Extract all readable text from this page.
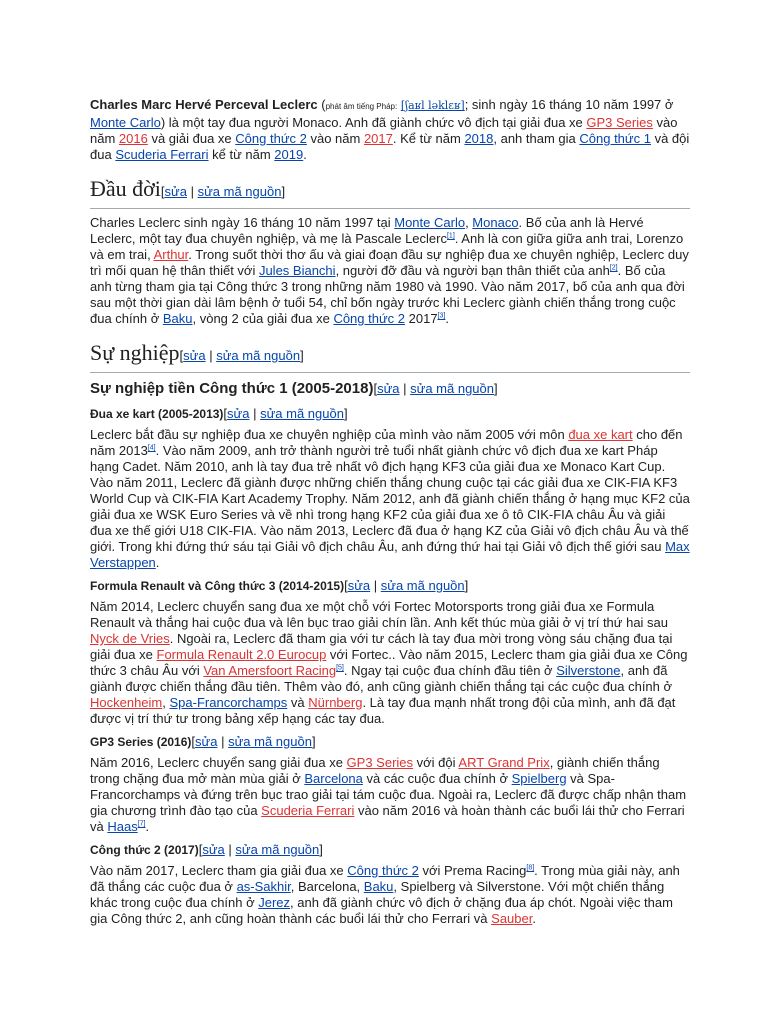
Charles Marc Hervé Perceval Leclerc (phát âm tiếng Pháp: [ʃaʁl ləklɛʁ]; sinh ngày 16 tháng 10 năm 1997 ở Monte Carlo) là một tay đua người Monaco. Anh đã giành chức vô địch tại giải đua xe GP3 Series vào năm 2016 và giải đua xe Công thức 2 vào năm 2017. Kể từ năm 2018, anh tham gia Công thức 1 và đội đua Scuderia Ferrari kể từ năm 2019.

Đầu đời[sửa | sửa mã nguồn]

Charles Leclerc sinh ngày 16 tháng 10 năm 1997 tại Monte Carlo, Monaco. Bố của anh là Hervé Leclerc, một tay đua chuyên nghiệp, và mẹ là Pascale Leclerc[1]. Anh là con giữa giữa anh trai, Lorenzo và em trai, Arthur. Trong suốt thời thơ ấu và giai đoạn đầu sự nghiệp đua xe chuyên nghiệp, Leclerc duy trì mối quan hệ thân thiết với Jules Bianchi, người đỡ đầu và người bạn thân thiết của anh[2]. Bố của anh từng tham gia tại Công thức 3 trong những năm 1980 và 1990. Vào năm 2017, bố của anh qua đời sau một thời gian dài lâm bệnh ở tuổi 54, chỉ bốn ngày trước khi Leclerc giành chiến thắng trong cuộc đua chính ở Baku, vòng 2 của giải đua xe Công thức 2 2017[3].

Sự nghiệp[sửa | sửa mã nguồn]
Sự nghiệp tiền Công thức 1 (2005-2018)[sửa | sửa mã nguồn]
Đua xe kart (2005-2013)[sửa | sửa mã nguồn]

Leclerc bắt đầu sự nghiệp đua xe chuyên nghiệp của mình vào năm 2005 với môn đua xe kart cho đến năm 2013[4]. Vào năm 2009, anh trở thành người trẻ tuổi nhất giành chức vô địch đua xe kart Pháp hạng Cadet. Năm 2010, anh là tay đua trẻ nhất vô địch hạng KF3 của giải đua xe Monaco Kart Cup. Vào năm 2011, Leclerc đã giành được những chiến thắng chung cuộc tại các giải đua xe CIK-FIA KF3 World Cup và CIK-FIA Kart Academy Trophy. Năm 2012, anh đã giành chiến thắng ở hạng mục KF2 của giải đua xe WSK Euro Series và về nhì trong hạng KF2 của giải đua xe ô tô CIK-FIA châu Âu và giải đua xe thế giới U18 CIK-FIA. Vào năm 2013, Leclerc đã đua ở hạng KZ của Giải vô địch châu Âu và thế giới. Trong khi đứng thứ sáu tại Giải vô địch châu Âu, anh đứng thứ hai tại Giải vô địch thế giới sau Max Verstappen.

Formula Renault và Công thức 3 (2014-2015)[sửa | sửa mã nguồn]

Năm 2014, Leclerc chuyển sang đua xe một chỗ với Fortec Motorsports trong giải đua xe Formula Renault và thắng hai cuộc đua và lên bục trao giải chín lần. Anh kết thúc mùa giải ở vị trí thứ hai sau Nyck de Vries. Ngoài ra, Leclerc đã tham gia với tư cách là tay đua mời trong vòng sáu chặng đua tại giải đua xe Formula Renault 2.0 Eurocup với Fortec.. Vào năm 2015, Leclerc tham gia giải đua xe Công thức 3 châu Âu với Van Amersfoort Racing[5]. Ngay tại cuộc đua chính đầu tiên ở Silverstone, anh đã giành được chiến thắng đầu tiên. Thêm vào đó, anh cũng giành chiến thắng tại các cuộc đua chính ở Hockenheim, Spa-Francorchamps và Nürnberg. Là tay đua mạnh nhất trong đội của mình, anh đã đạt được vị trí thứ tư trong bảng xếp hạng các tay đua.

GP3 Series (2016)[sửa | sửa mã nguồn]

Năm 2016, Leclerc chuyển sang giải đua xe GP3 Series với đội ART Grand Prix, giành chiến thắng trong chặng đua mở màn mùa giải ở Barcelona và các cuộc đua chính ở Spielberg và Spa-Francorchamps và đứng trên bục trao giải tại tám cuộc đua. Ngoài ra, Leclerc đã được chấp nhận tham gia chương trình đào tạo của Scuderia Ferrari vào năm 2016 và hoàn thành các buổi lái thử cho Ferrari và Haas[7].

Công thức 2 (2017)[sửa | sửa mã nguồn]

Vào năm 2017, Leclerc tham gia giải đua xe Công thức 2 với Prema Racing[8]. Trong mùa giải này, anh đã thắng các cuộc đua ở as-Sakhir, Barcelona, Baku, Spielberg và Silverstone. Với một chiến thắng khác trong cuộc đua chính ở Jerez, anh đã giành chức vô địch ở chặng đua áp chót. Ngoài việc tham gia Công thức 2, anh cũng hoàn thành các buổi lái thử cho Ferrari và Sauber.
